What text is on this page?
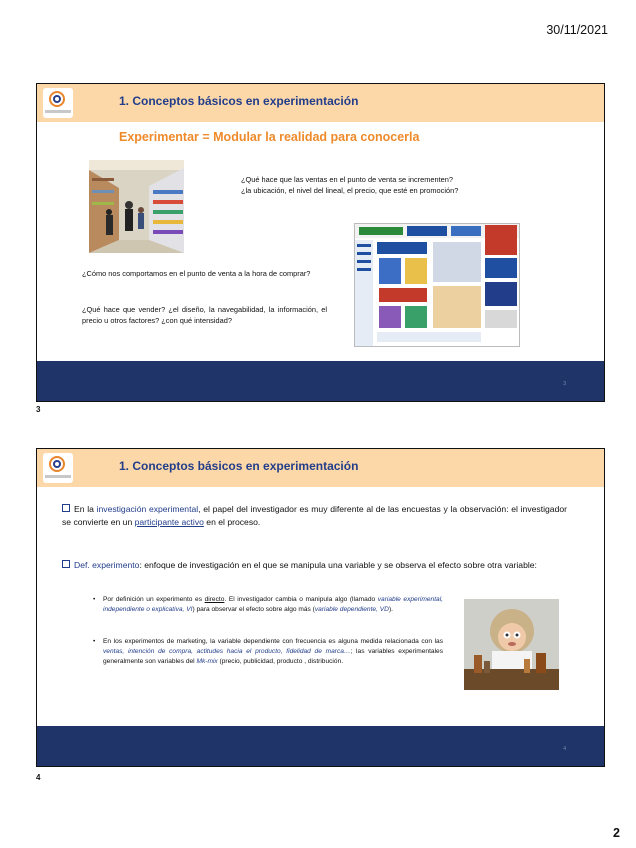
30/11/2021
1. Conceptos básicos en experimentación
Experimentar = Modular la realidad para conocerla
¿Qué hace que las ventas en el punto de venta se incrementen?
¿la ubicación, el nivel del lineal, el precio, que esté en promoción?
¿Cómo nos comportamos en el punto de venta a la hora de comprar?
¿Qué hace que vender? ¿el diseño, la navegabilidad, la información, el precio u otros factores? ¿con qué intensidad?
3
3
1. Conceptos básicos en experimentación
En la investigación experimental, el papel del investigador es muy diferente al de las encuestas y la observación: el investigador se convierte en un participante activo en el proceso.
Def. experimento: enfoque de investigación en el que se manipula una variable y se observa el efecto sobre otra variable:
• Por definición un experimento es directo. El investigador cambia o manipula algo (llamado variable experimental, independiente o explicativa, VI) para observar el efecto sobre algo más (variable dependiente, VD).
• En los experimentos de marketing, la variable dependiente con frecuencia es alguna medida relacionada con las ventas, intención de compra, actitudes hacia el producto, fidelidad de marca…; las variables experimentales generalmente son variables del Mk-mix (precio, publicidad, producto , distribución.
4
4
2
